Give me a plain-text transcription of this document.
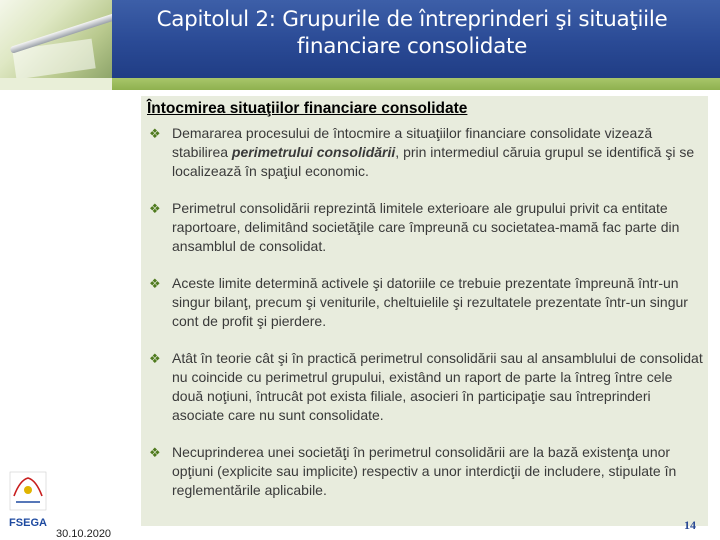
Capitolul 2: Grupurile de întreprinderi şi situaţiile financiare consolidate
Întocmirea situaţiilor financiare consolidate
❖ Demararea procesului de întocmire a situaţiilor financiare consolidate vizează stabilirea perimetrului consolidării, prin intermediul căruia grupul se identifică şi se localizează în spaţiul economic.
❖ Perimetrul consolidării reprezintă limitele exterioare ale grupului privit ca entitate raportoare, delimitând societăţile care împreună cu societatea-mamă fac parte din ansamblul de consolidat.
❖ Aceste limite determină activele şi datoriile ce trebuie prezentate împreună într-un singur bilanţ, precum şi veniturile, cheltuielile şi rezultatele prezentate într-un singur cont de profit şi pierdere.
❖ Atât în teorie cât şi în practică perimetrul consolidării sau al ansamblului de consolidat nu coincide cu perimetrul grupului, existând un raport de parte la întreg între cele două noţiuni, întrucât pot exista filiale, asocieri în participaţie sau întreprinderi asociate care nu sunt consolidate.
❖ Necuprinderea unei societăţi în perimetrul consolidării are la bază existenţa unor opţiuni (explicite sau implicite) respectiv a unor interdicţii de includere, stipulate în reglementările aplicabile.
FSEGA
30.10.2020
14
